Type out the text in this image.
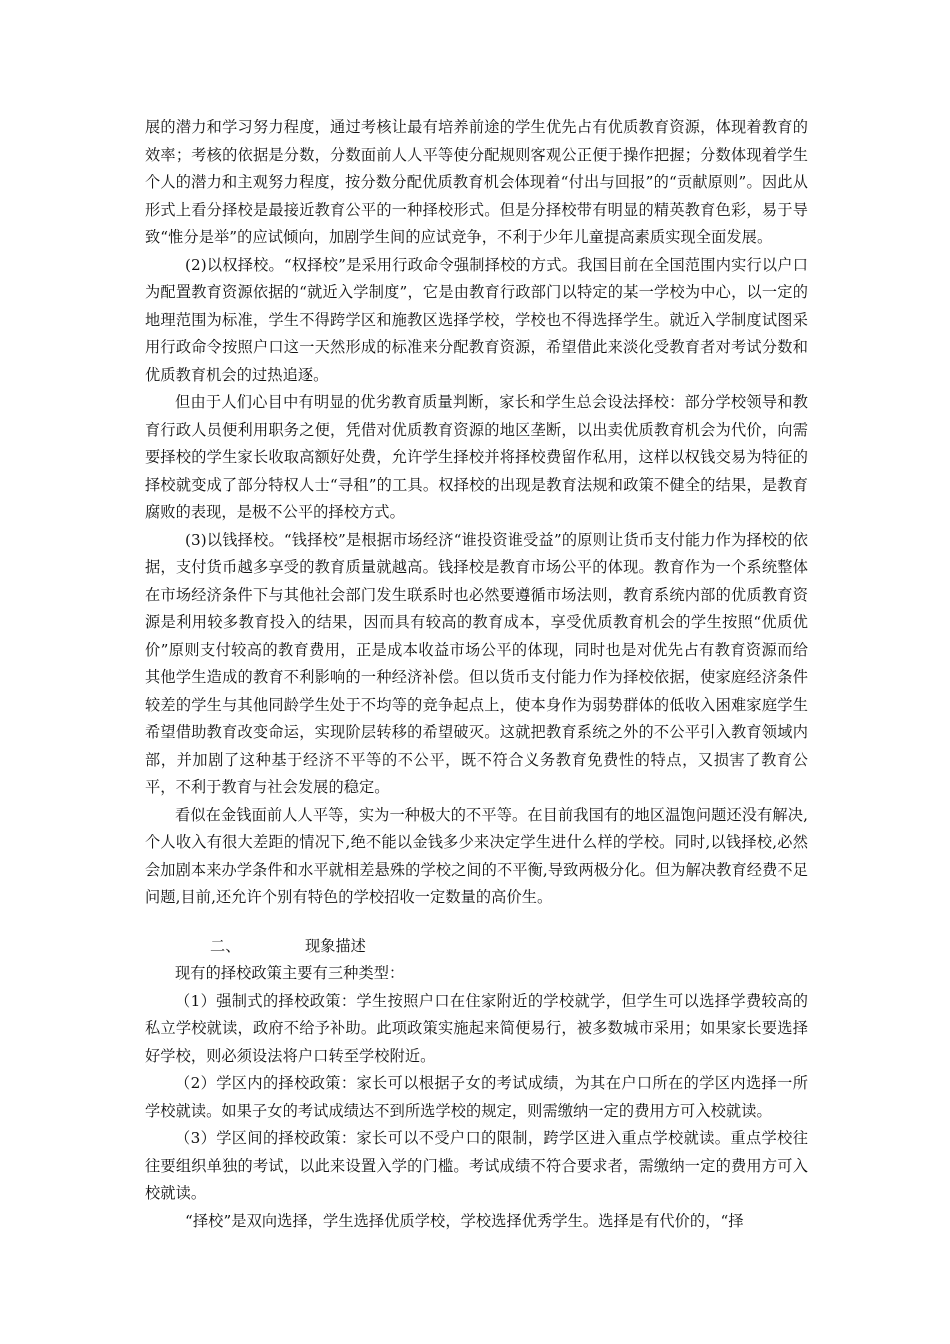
展的潜力和学习努力程度，通过考核让最有培养前途的学生优先占有优质教育资源，体现着教育的效率；考核的依据是分数，分数面前人人平等使分配规则客观公正便于操作把握；分数体现着学生个人的潜力和主观努力程度，按分数分配优质教育机会体现着“付出与回报”的“贡献原则”。因此从形式上看分择校是最接近教育公平的一种择校形式。但是分择校带有明显的精英教育色彩，易于导致“惟分是举”的应试倾向，加剧学生间的应试竞争，不利于少年儿童提高素质实现全面发展。

(2)以权择校。“权择校”是采用行政命令强制择校的方式。我国目前在全国范围内实行以户口为配置教育资源依据的“就近入学制度”，它是由教育行政部门以特定的某一学校为中心，以一定的地理范围为标准，学生不得跨学区和施教区选择学校，学校也不得选择学生。就近入学制度试图采用行政命令按照户口这一天然形成的标准来分配教育资源，希望借此来淡化受教育者对考试分数和优质教育机会的过热追逐。

但由于人们心目中有明显的优劣教育质量判断，家长和学生总会设法择校：部分学校领导和教育行政人员便利用职务之便，凭借对优质教育资源的地区垄断，以出卖优质教育机会为代价，向需要择校的学生家长收取高额好处费，允许学生择校并将择校费留作私用，这样以权钱交易为特征的择校就变成了部分特权人士“寻租”的工具。权择校的出现是教育法规和政策不健全的结果，是教育腐败的表现，是极不公平的择校方式。

(3)以钱择校。“钱择校”是根据市场经济“谁投资谁受益”的原则让货币支付能力作为择校的依据，支付货币越多享受的教育质量就越高。钱择校是教育市场公平的体现。教育作为一个系统整体在市场经济条件下与其他社会部门发生联系时也必然要遵循市场法则，教育系统内部的优质教育资源是利用较多教育投入的结果，因而具有较高的教育成本，享受优质教育机会的学生按照“优质优价”原则支付较高的教育费用，正是成本收益市场公平的体现，同时也是对优先占有教育资源而给其他学生造成的教育不利影响的一种经济补偿。但以货币支付能力作为择校依据，使家庭经济条件较差的学生与其他同龄学生处于不均等的竞争起点上，使本身作为弱势群体的低收入困难家庭学生希望借助教育改变命运，实现阶层转移的希望破灭。这就把教育系统之外的不公平引入教育领域内部，并加剧了这种基于经济不平等的不公平，既不符合义务教育免费性的特点，又损害了教育公平，不利于教育与社会发展的稳定。

看似在金钱面前人人平等，实为一种极大的不平等。在目前我国有的地区温饱问题还没有解决,个人收入有很大差距的情况下,绝不能以金钱多少来决定学生进什么样的学校。同时,以钱择校,必然会加剧本来办学条件和水平就相差悬殊的学校之间的不平衡,导致两极分化。但为解决教育经费不足问题,目前,还允许个别有特色的学校招收一定数量的高价生。

二、	现象描述

现有的择校政策主要有三种类型：

（1）强制式的择校政策：学生按照户口在住家附近的学校就学，但学生可以选择学费较高的私立学校就读，政府不给予补助。此项政策实施起来简便易行，被多数城市采用；如果家长要选择好学校，则必须设法将户口转至学校附近。

（2）学区内的择校政策：家长可以根据子女的考试成绩，为其在户口所在的学区内选择一所学校就读。如果子女的考试成绩达不到所选学校的规定，则需缴纳一定的费用方可入校就读。

（3）学区间的择校政策：家长可以不受户口的限制，跨学区进入重点学校就读。重点学校往往要组织单独的考试，以此来设置入学的门槛。考试成绩不符合要求者，需缴纳一定的费用方可入校就读。

“择校”是双向选择，学生选择优质学校，学校选择优秀学生。选择是有代价的，“择
